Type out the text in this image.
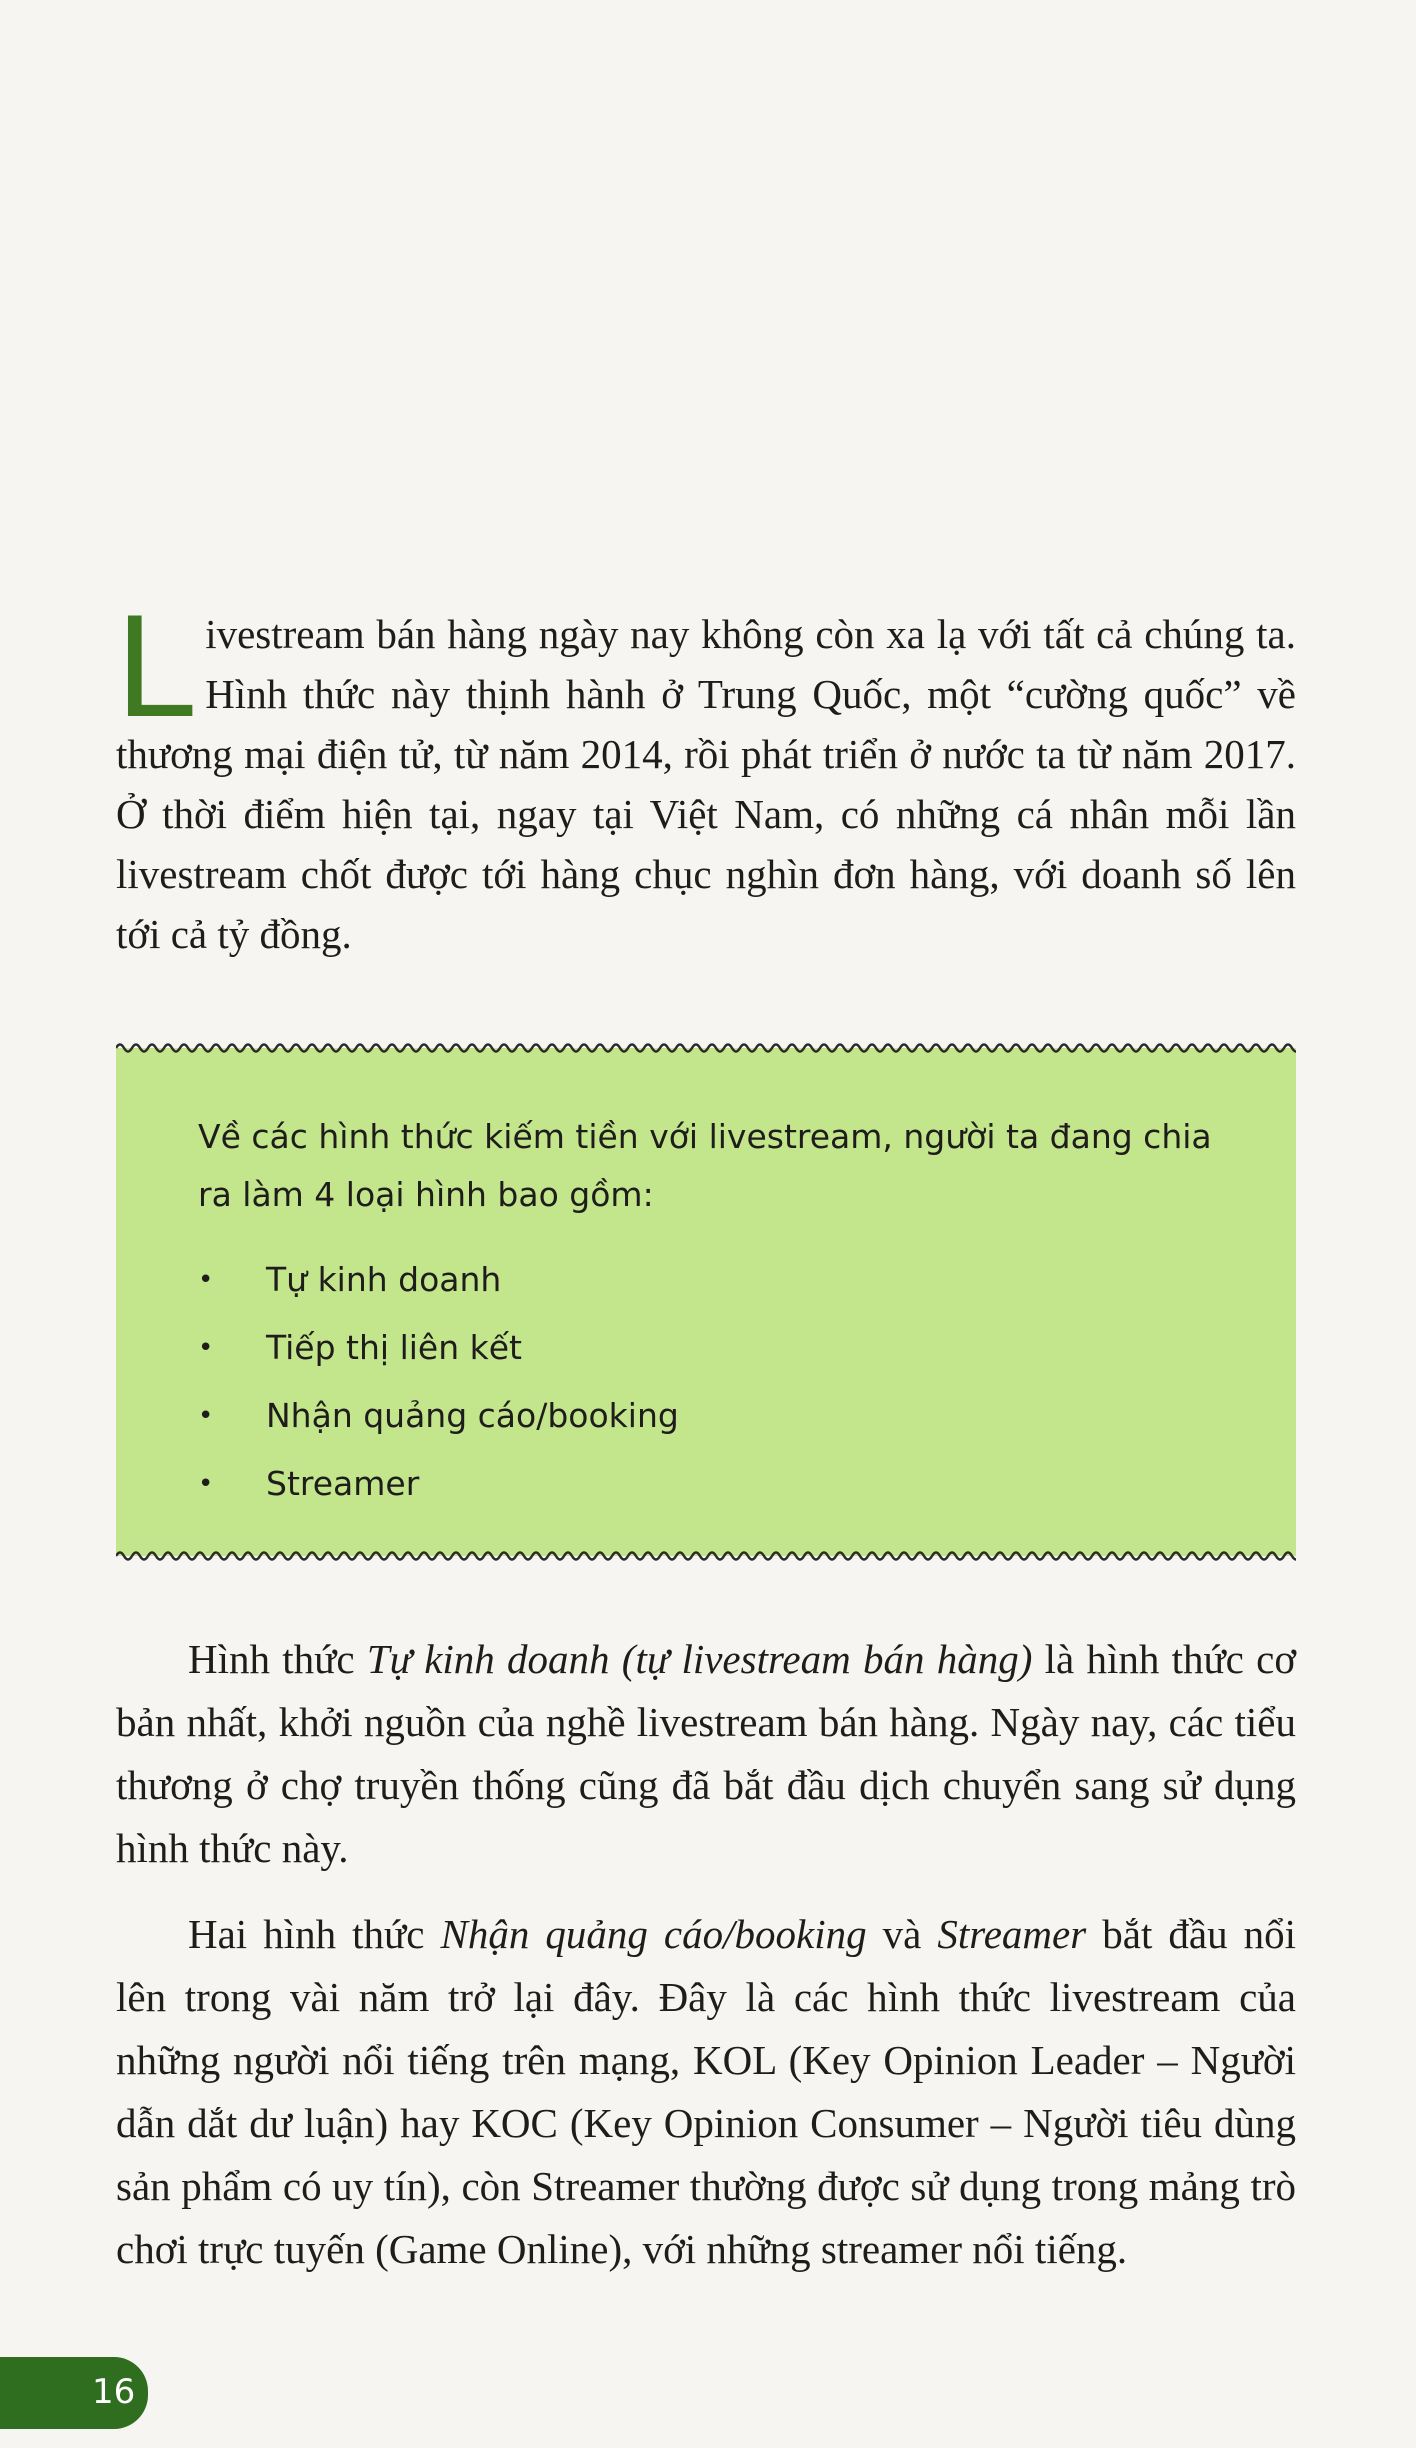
L ivestream bán hàng ngày nay không còn xa lạ với tất cả chúng ta. Hình thức này thịnh hành ở Trung Quốc, một “cường quốc” về thương mại điện tử, từ năm 2014, rồi phát triển ở nước ta từ năm 2017. Ở thời điểm hiện tại, ngay tại Việt Nam, có những cá nhân mỗi lần livestream chốt được tới hàng chục nghìn đơn hàng, với doanh số lên tới cả tỷ đồng.

Về các hình thức kiếm tiền với livestream, người ta đang chia ra làm 4 loại hình bao gồm:

• Tự kinh doanh
• Tiếp thị liên kết
• Nhận quảng cáo/booking
• Streamer

Hình thức Tự kinh doanh (tự livestream bán hàng) là hình thức cơ bản nhất, khởi nguồn của nghề livestream bán hàng. Ngày nay, các tiểu thương ở chợ truyền thống cũng đã bắt đầu dịch chuyển sang sử dụng hình thức này.

Hai hình thức Nhận quảng cáo/booking và Streamer bắt đầu nổi lên trong vài năm trở lại đây. Đây là các hình thức livestream của những người nổi tiếng trên mạng, KOL (Key Opinion Leader – Người dẫn dắt dư luận) hay KOC (Key Opinion Consumer – Người tiêu dùng sản phẩm có uy tín), còn Streamer thường được sử dụng trong mảng trò chơi trực tuyến (Game Online), với những streamer nổi tiếng.

16
